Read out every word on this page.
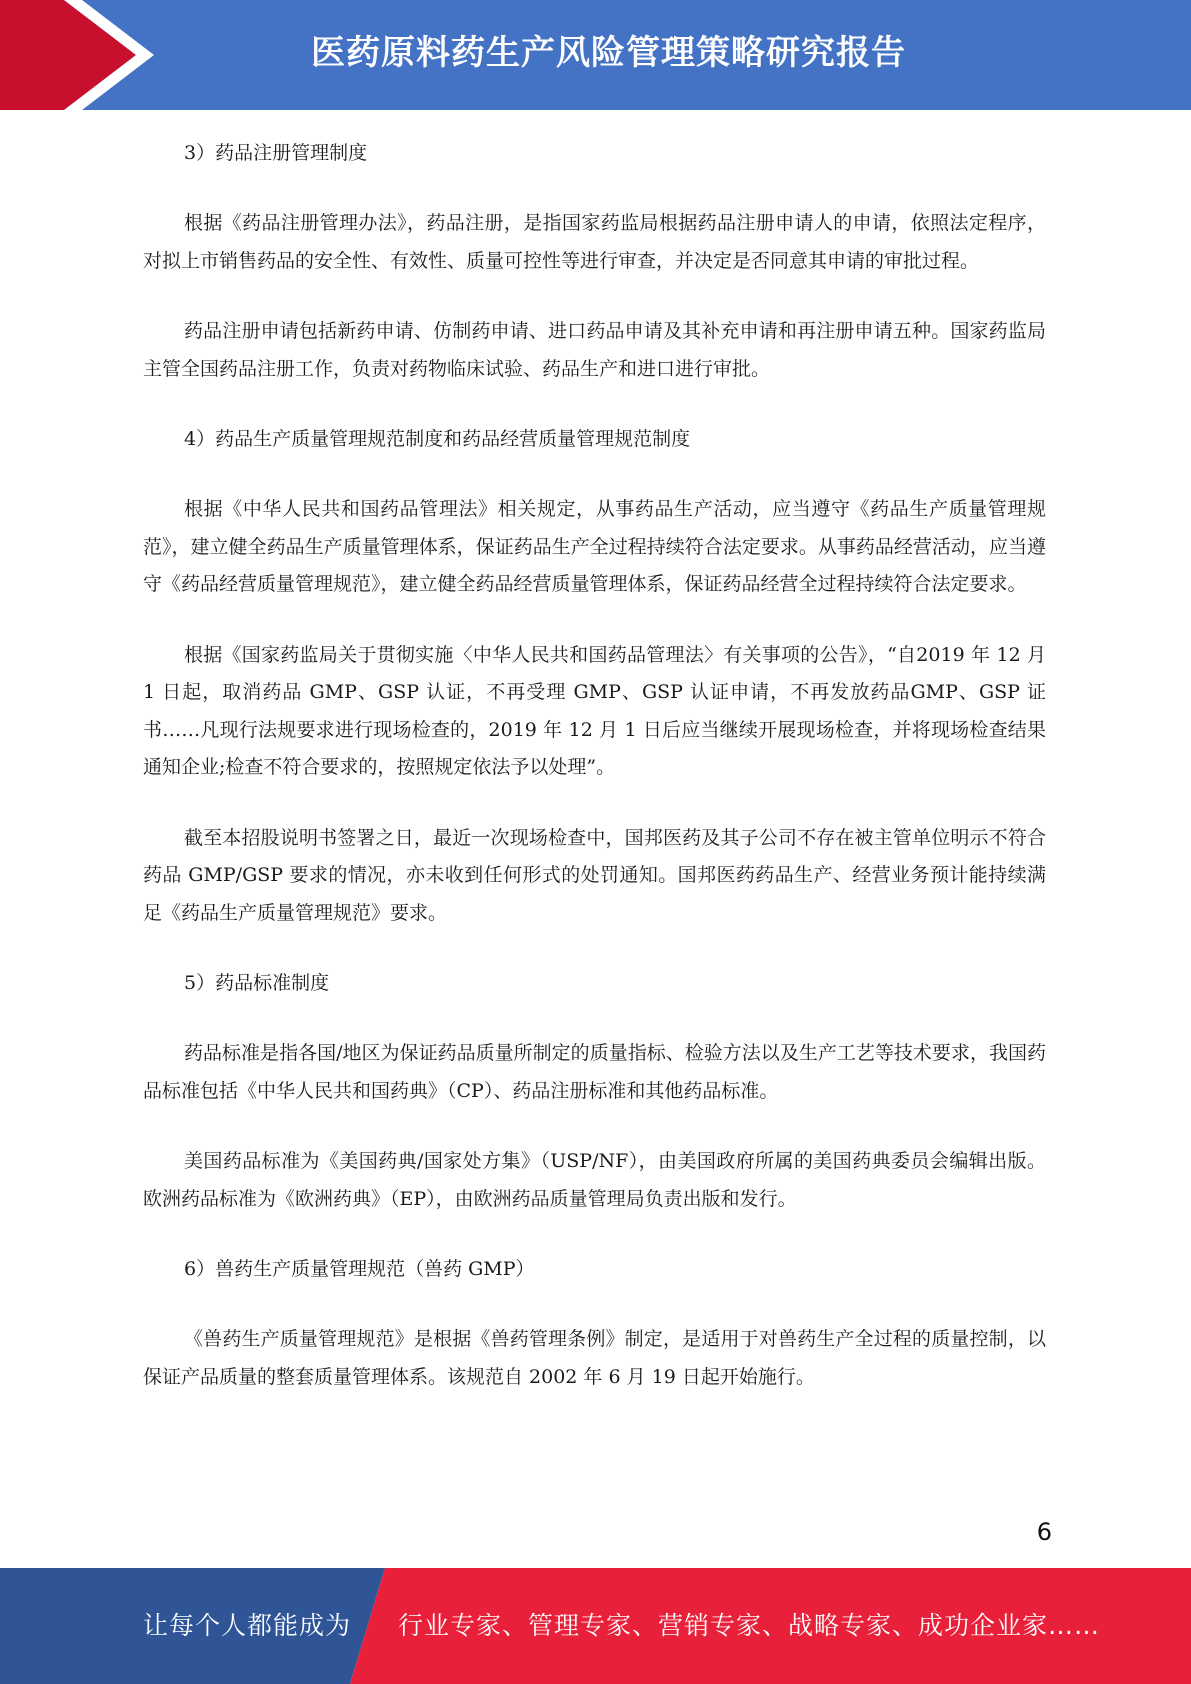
医药原料药生产风险管理策略研究报告

3）药品注册管理制度

根据《药品注册管理办法》，药品注册，是指国家药监局根据药品注册申请人的申请，依照法定程序，对拟上市销售药品的安全性、有效性、质量可控性等进行审查，并决定是否同意其申请的审批过程。

药品注册申请包括新药申请、仿制药申请、进口药品申请及其补充申请和再注册申请五种。国家药监局主管全国药品注册工作，负责对药物临床试验、药品生产和进口进行审批。

4）药品生产质量管理规范制度和药品经营质量管理规范制度

根据《中华人民共和国药品管理法》相关规定，从事药品生产活动，应当遵守《药品生产质量管理规范》，建立健全药品生产质量管理体系，保证药品生产全过程持续符合法定要求。从事药品经营活动，应当遵守《药品经营质量管理规范》，建立健全药品经营质量管理体系，保证药品经营全过程持续符合法定要求。

根据《国家药监局关于贯彻实施〈中华人民共和国药品管理法〉有关事项的公告》，“自2019 年 12 月 1 日起，取消药品 GMP、GSP 认证，不再受理 GMP、GSP 认证申请，不再发放药品GMP、GSP 证书……凡现行法规要求进行现场检查的，2019 年 12 月 1 日后应当继续开展现场检查，并将现场检查结果通知企业;检查不符合要求的，按照规定依法予以处理”。

截至本招股说明书签署之日，最近一次现场检查中，国邦医药及其子公司不存在被主管单位明示不符合药品 GMP/GSP 要求的情况，亦未收到任何形式的处罚通知。国邦医药药品生产、经营业务预计能持续满足《药品生产质量管理规范》要求。

5）药品标准制度

药品标准是指各国/地区为保证药品质量所制定的质量指标、检验方法以及生产工艺等技术要求，我国药品标准包括《中华人民共和国药典》（CP）、药品注册标准和其他药品标准。

美国药品标准为《美国药典/国家处方集》（USP/NF），由美国政府所属的美国药典委员会编辑出版。欧洲药品标准为《欧洲药典》（EP），由欧洲药品质量管理局负责出版和发行。

6）兽药生产质量管理规范（兽药 GMP）

《兽药生产质量管理规范》是根据《兽药管理条例》制定，是适用于对兽药生产全过程的质量控制，以保证产品质量的整套质量管理体系。该规范自 2002 年 6 月 19 日起开始施行。

6
让每个人都能成为 行业专家、管理专家、营销专家、战略专家、成功企业家……
